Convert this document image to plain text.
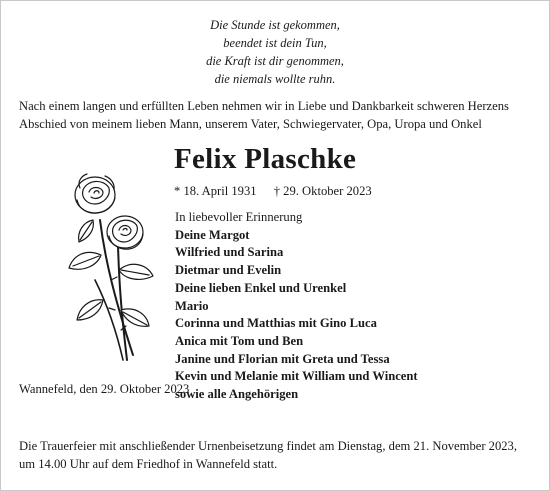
Die Stunde ist gekommen,
beendet ist dein Tun,
die Kraft ist dir genommen,
die niemals wollte ruhn.
Nach einem langen und erfüllten Leben nehmen wir in Liebe und Dankbarkeit schweren Herzens
Abschied von meinem lieben Mann, unserem Vater, Schwiegervater, Opa, Uropa und Onkel
Felix Plaschke
* 18. April 1931 † 29. Oktober 2023
In liebevoller Erinnerung
Deine Margot
Wilfried und Sarina
Dietmar und Evelin
Deine lieben Enkel und Urenkel
Mario
Corinna und Matthias mit Gino Luca
Anica mit Tom und Ben
Janine und Florian mit Greta und Tessa
Kevin und Melanie mit William und Wincent
sowie alle Angehörigen
Wannefeld, den 29. Oktober 2023
Die Trauerfeier mit anschließender Urnenbeisetzung findet am Dienstag, dem 21. November 2023,
um 14.00 Uhr auf dem Friedhof in Wannefeld statt.
